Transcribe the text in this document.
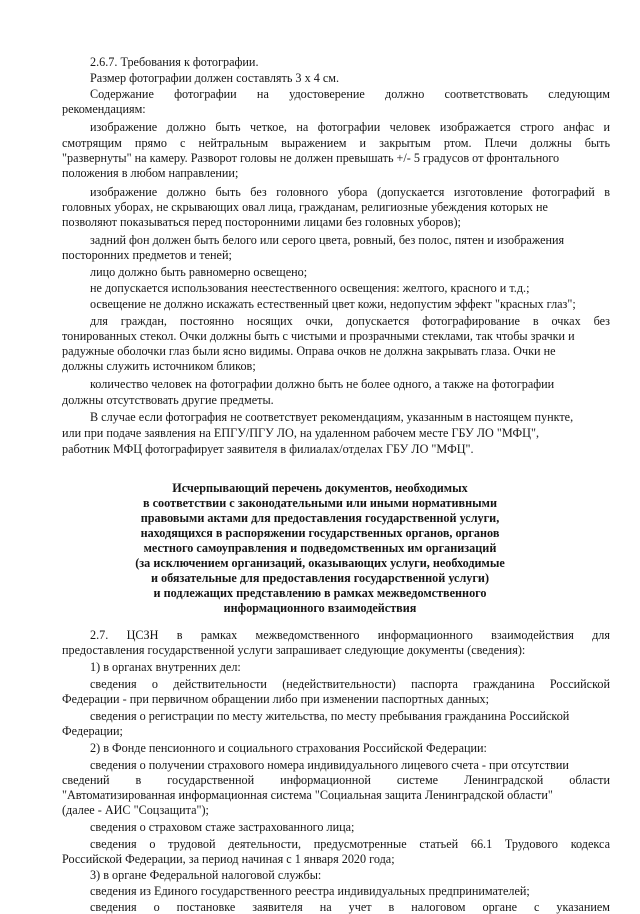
2.6.7. Требования к фотографии.
Размер фотографии должен составлять 3 х 4 см.
Содержание фотографии на удостоверение должно соответствовать следующим
рекомендациям:
изображение должно быть четкое, на фотографии человек изображается строго анфас и
смотрящим прямо с нейтральным выражением и закрытым ртом. Плечи должны быть
"развернуты" на камеру. Разворот головы не должен превышать +/- 5 градусов от фронтального
положения в любом направлении;
изображение должно быть без головного убора (допускается изготовление фотографий в
головных уборах, не скрывающих овал лица, гражданам, религиозные убеждения которых не
позволяют показываться перед посторонними лицами без головных уборов);
задний фон должен быть белого или серого цвета, ровный, без полос, пятен и изображения
посторонних предметов и теней;
лицо должно быть равномерно освещено;
не допускается использования неестественного освещения: желтого, красного и т.д.;
освещение не должно искажать естественный цвет кожи, недопустим эффект "красных глаз";
для граждан, постоянно носящих очки, допускается фотографирование в очках без
тонированных стекол. Очки должны быть с чистыми и прозрачными стеклами, так чтобы зрачки и
радужные оболочки глаз были ясно видимы. Оправа очков не должна закрывать глаза. Очки не
должны служить источником бликов;
количество человек на фотографии должно быть не более одного, а также на фотографии
должны отсутствовать другие предметы.
В случае если фотография не соответствует рекомендациям, указанным в настоящем пункте,
или при подаче заявления на ЕПГУ/ПГУ ЛО, на удаленном рабочем месте ГБУ ЛО "МФЦ",
работник МФЦ фотографирует заявителя в филиалах/отделах ГБУ ЛО "МФЦ".
Исчерпывающий перечень документов, необходимых
в соответствии с законодательными или иными нормативными
правовыми актами для предоставления государственной услуги,
находящихся в распоряжении государственных органов, органов
местного самоуправления и подведомственных им организаций
(за исключением организаций, оказывающих услуги, необходимые
и обязательные для предоставления государственной услуги)
и подлежащих представлению в рамках межведомственного
информационного взаимодействия
2.7. ЦСЗН в рамках межведомственного информационного взаимодействия для
предоставления государственной услуги запрашивает следующие документы (сведения):
1) в органах внутренних дел:
сведения о действительности (недействительности) паспорта гражданина Российской
Федерации - при первичном обращении либо при изменении паспортных данных;
сведения о регистрации по месту жительства, по месту пребывания гражданина Российской
Федерации;
2) в Фонде пенсионного и социального страхования Российской Федерации:
сведения о получении страхового номера индивидуального лицевого счета - при отсутствии
сведений в государственной информационной системе Ленинградской области
"Автоматизированная информационная система "Социальная защита Ленинградской области"
(далее - АИС "Соцзащита");
сведения о страховом стаже застрахованного лица;
сведения о трудовой деятельности, предусмотренные статьей 66.1 Трудового кодекса
Российской Федерации, за период начиная с 1 января 2020 года;
3) в органе Федеральной налоговой службы:
сведения из Единого государственного реестра индивидуальных предпринимателей;
сведения о постановке заявителя на учет в налоговом органе с указанием
